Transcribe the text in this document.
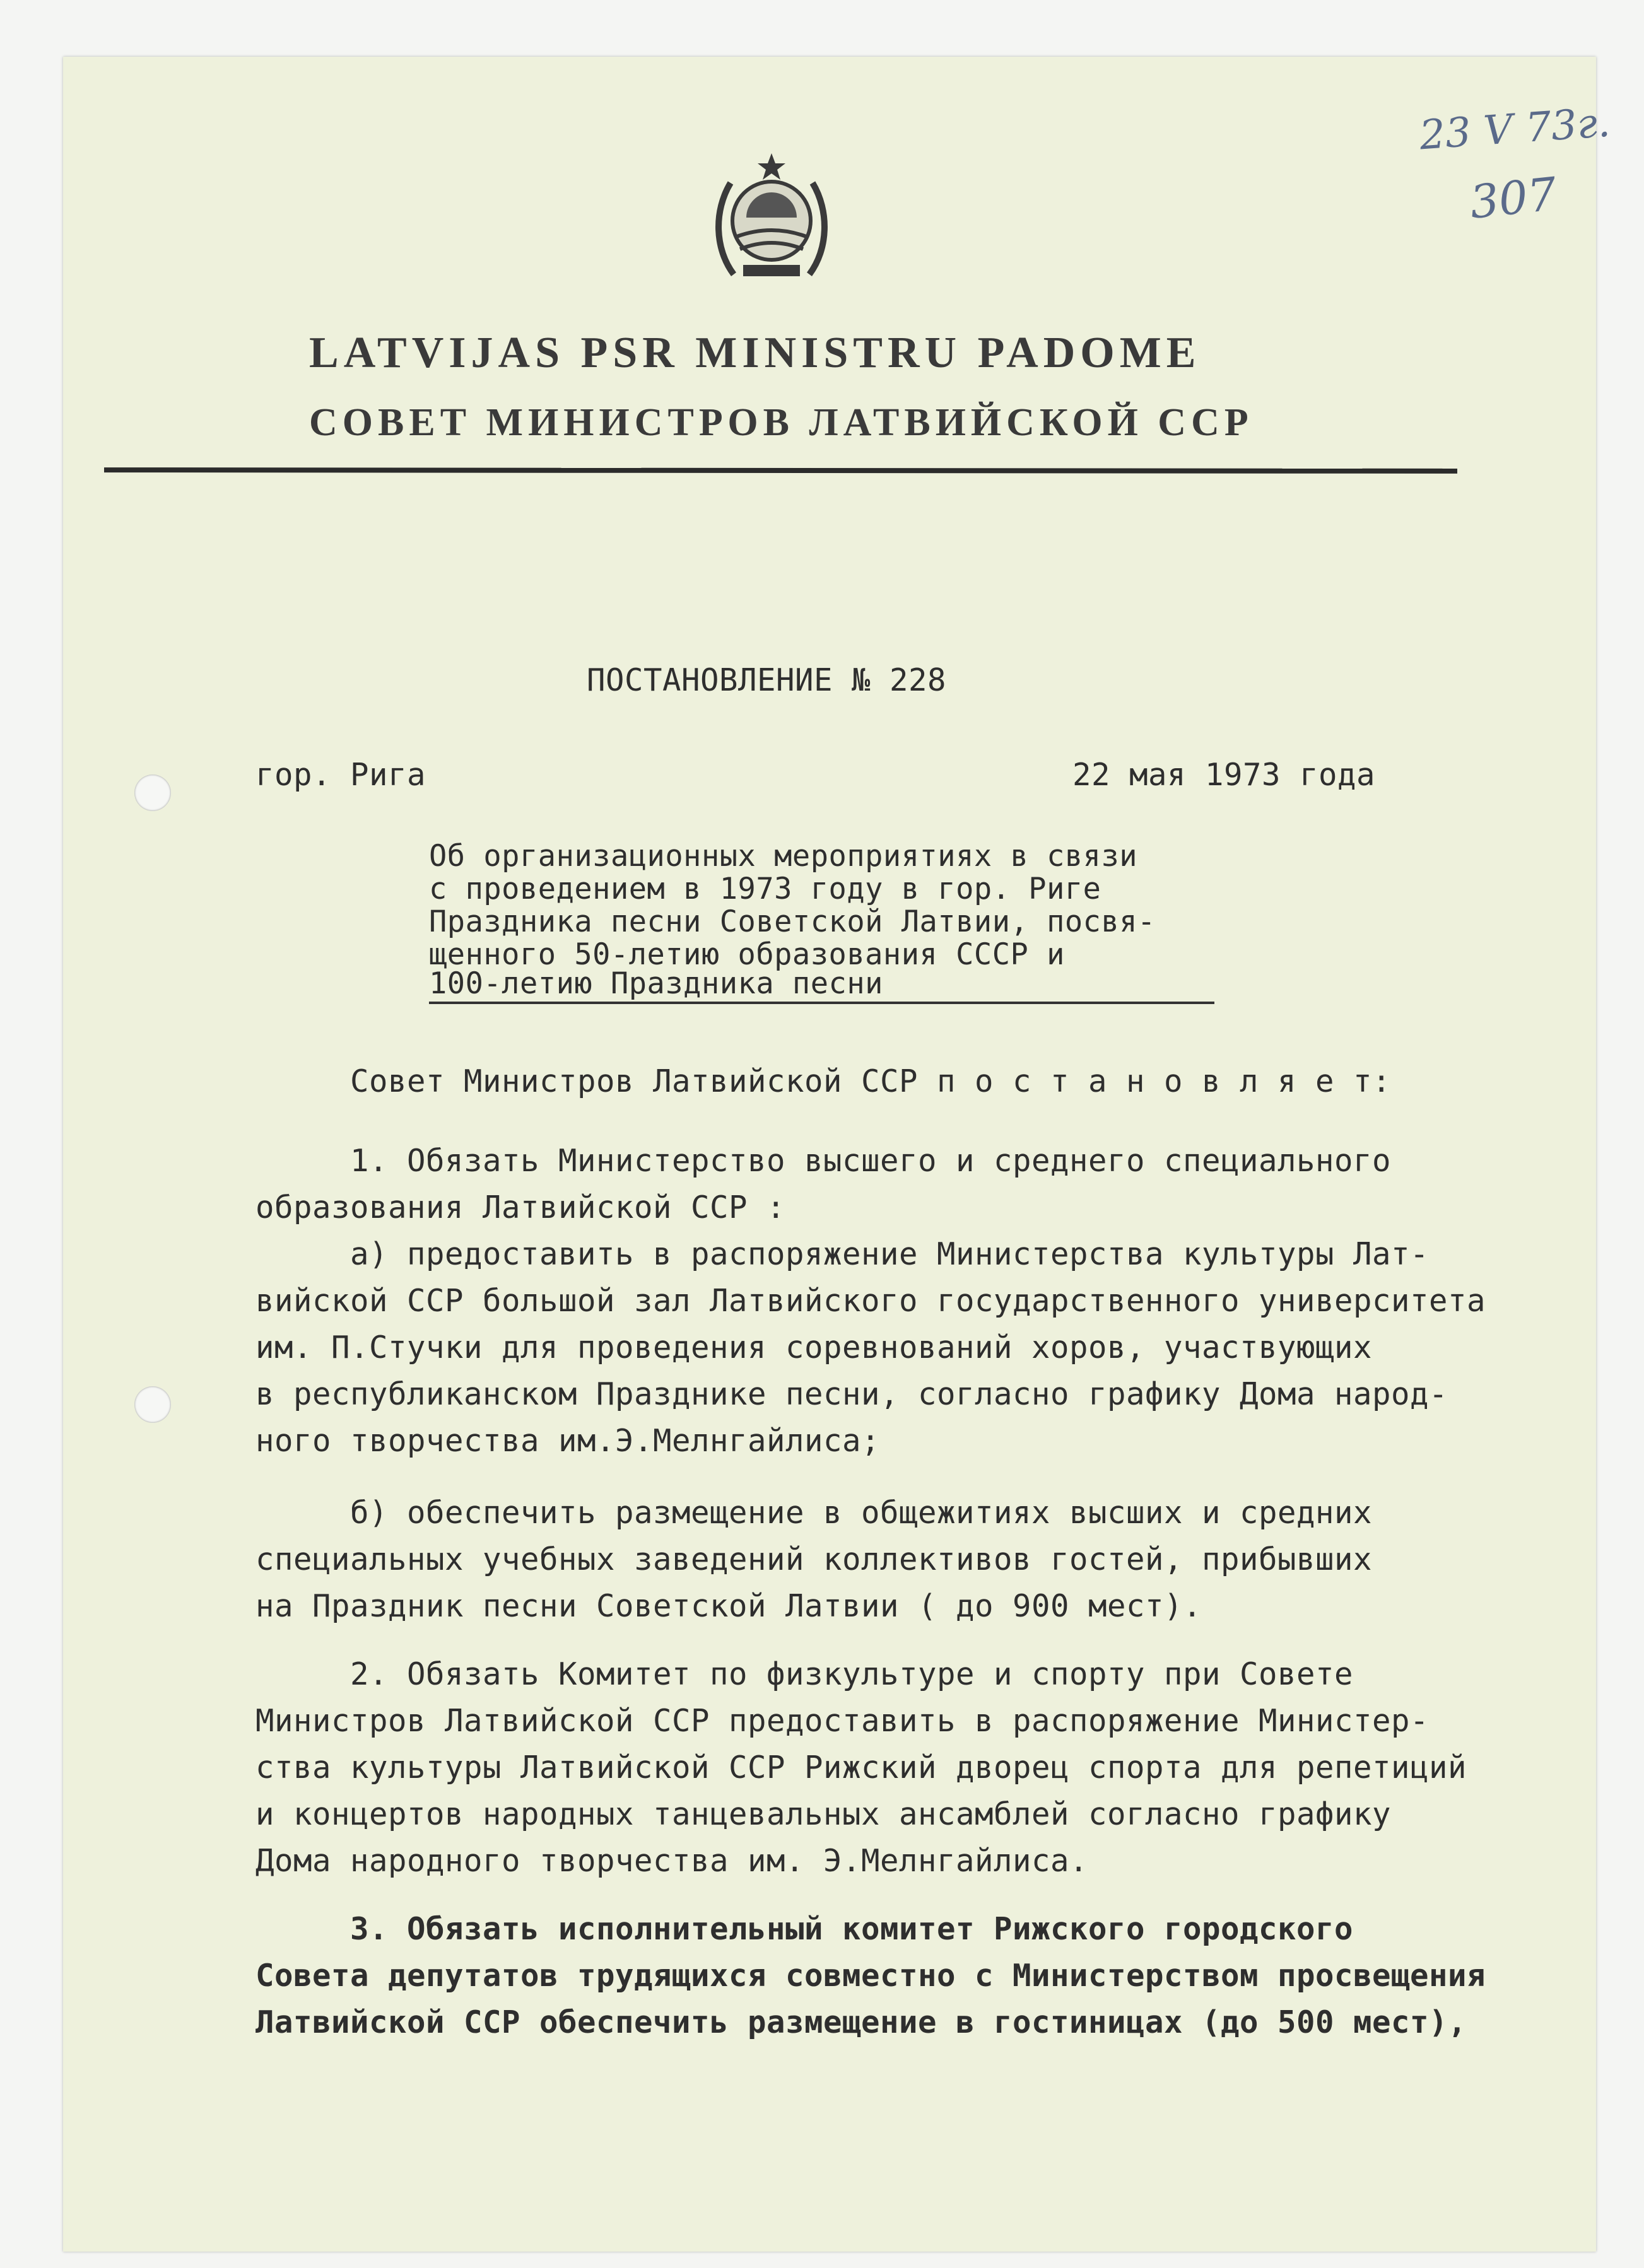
23 V 73г.
307
LATVIJAS PSR MINISTRU PADOME
СОВЕТ МИНИСТРОВ ЛАТВИЙСКОЙ ССР
ПОСТАНОВЛЕНИЕ № 228
гор. Рига	22 мая 1973 года
Об организационных мероприятиях в связи
с проведением в 1973 году в гор. Риге
Праздника песни Советской Латвии, посвя-
щенного 50-летию образования СССР и
100-летию Праздника песни
Совет Министров Латвийской ССР п о с т а н о в л я е т:
1. Обязать Министерство высшего и среднего специального
образования Латвийской ССР :
а) предоставить в распоряжение Министерства культуры Лат-
вийской ССР большой зал Латвийского государственного университета
им. П.Стучки для проведения соревнований хоров, участвующих
в республиканском Празднике песни, согласно графику Дома народ-
ного творчества им.Э.Мелнгайлиса;
б) обеспечить размещение в общежитиях высших и средних
специальных учебных заведений коллективов гостей, прибывших
на Праздник песни Советской Латвии ( до 900 мест).
2. Обязать Комитет по физкультуре и спорту при Совете
Министров Латвийской ССР предоставить в распоряжение Министер-
ства культуры Латвийской ССР Рижский дворец спорта для репетиций
и концертов народных танцевальных ансамблей согласно графику
Дома народного творчества им. Э.Мелнгайлиса.
3. Обязать исполнительный комитет Рижского городского
Совета депутатов трудящихся совместно с Министерством просвещения
Латвийской ССР обеспечить размещение в гостиницах (до 500 мест),
